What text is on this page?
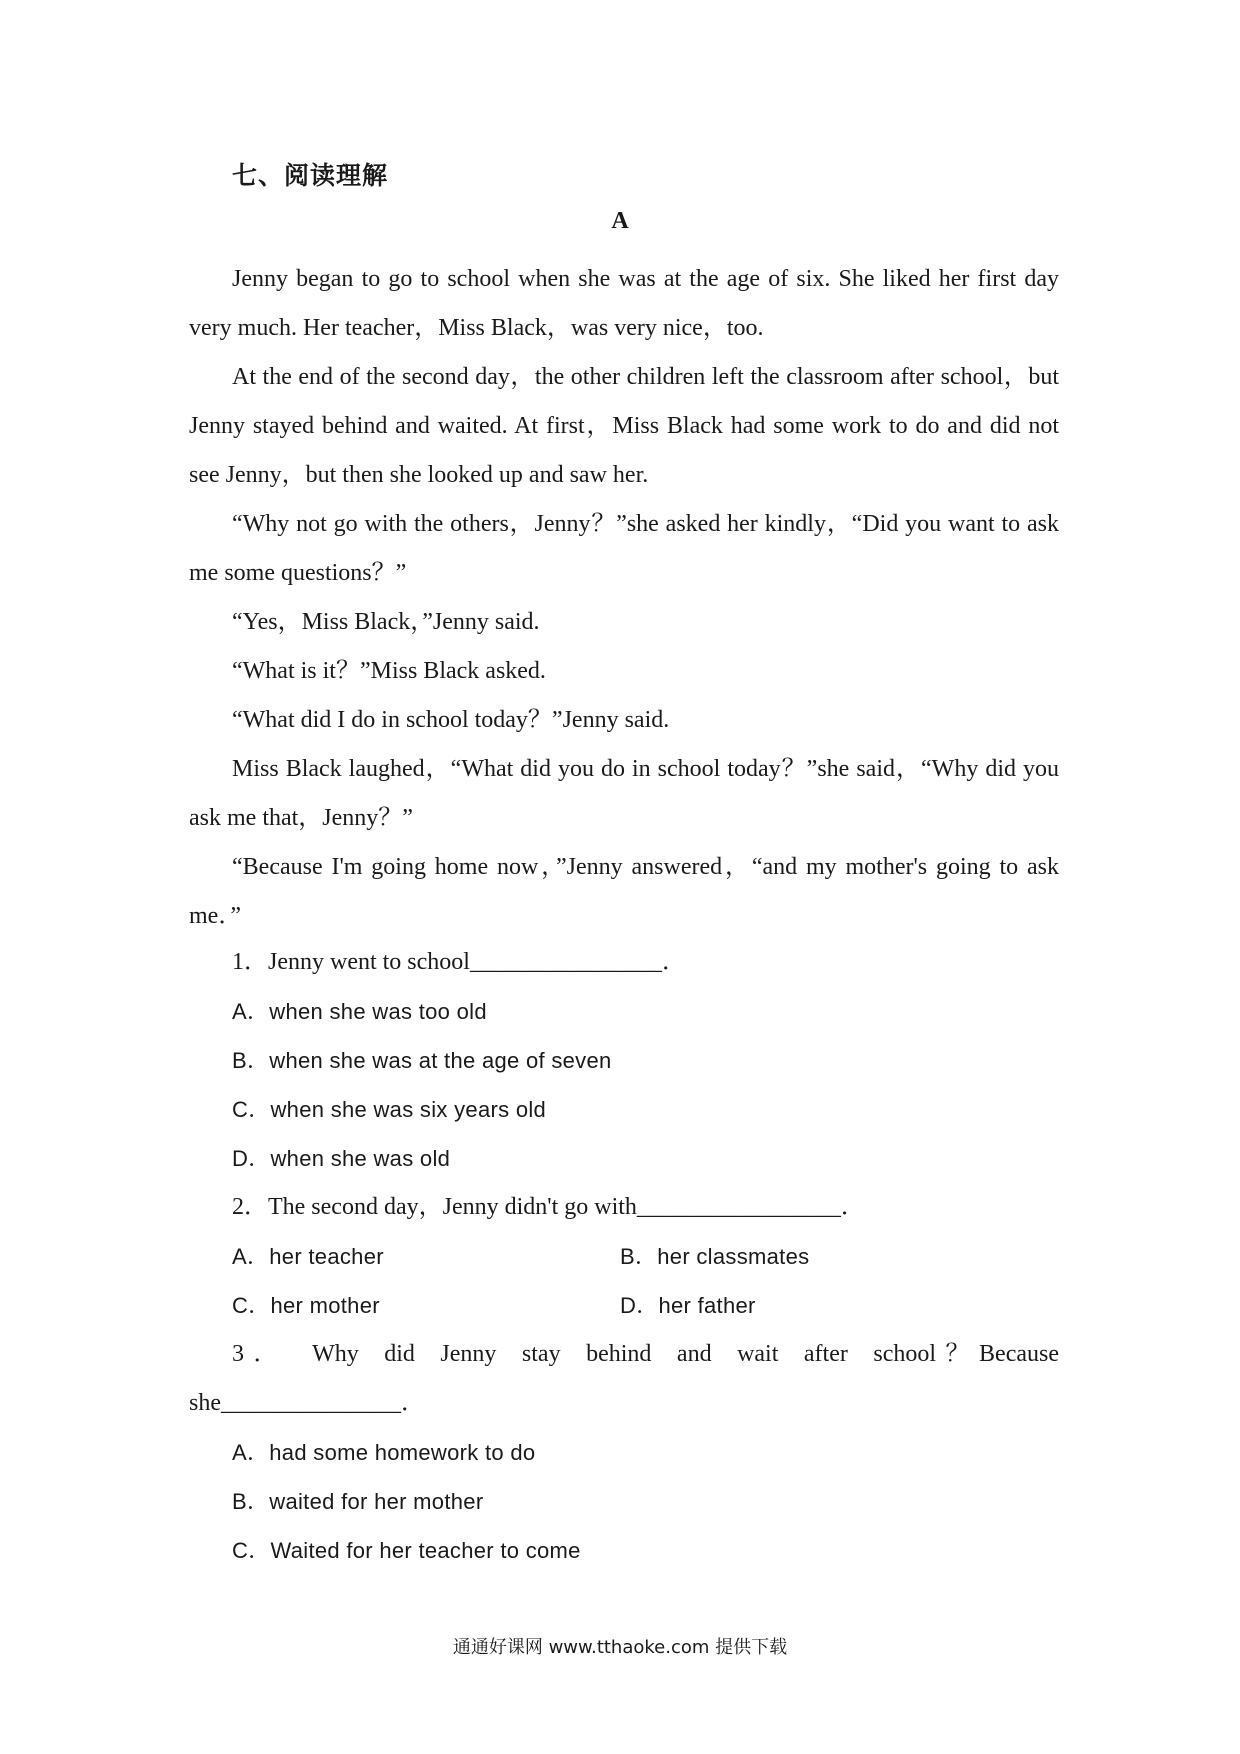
七、阅读理解
A

Jenny began to go to school when she was at the age of six. She liked her first day very much. Her teacher，Miss Black，was very nice，too.

At the end of the second day，the other children left the classroom after school，but Jenny stayed behind and waited. At first，Miss Black had some work to do and did not see Jenny，but then she looked up and saw her.

“Why not go with the others，Jenny？”she asked her kindly，“Did you want to ask me some questions？”

“Yes，Miss Black，”Jenny said.

“What is it？”Miss Black asked.

“What did I do in school today？”Jenny said.

Miss Black laughed，“What did you do in school today？”she said，“Why did you ask me that，Jenny？”

“Because I'm going home now，”Jenny answered，“and my mother's going to ask me．”

1．Jenny went to school________________．

A．when she was too old

B．when she was at the age of seven

C．when she was six years old

D．when she was old

2．The second day，Jenny didn't go with_________________．

A．her teacher	B．her classmates
C．her mother	D．her father

3． Why did Jenny stay behind and wait after school？Because she_______________．

A．had some homework to do

B．waited for her mother

C．Waited for her teacher to come

通通好课网 www.tthaoke.com 提供下载
